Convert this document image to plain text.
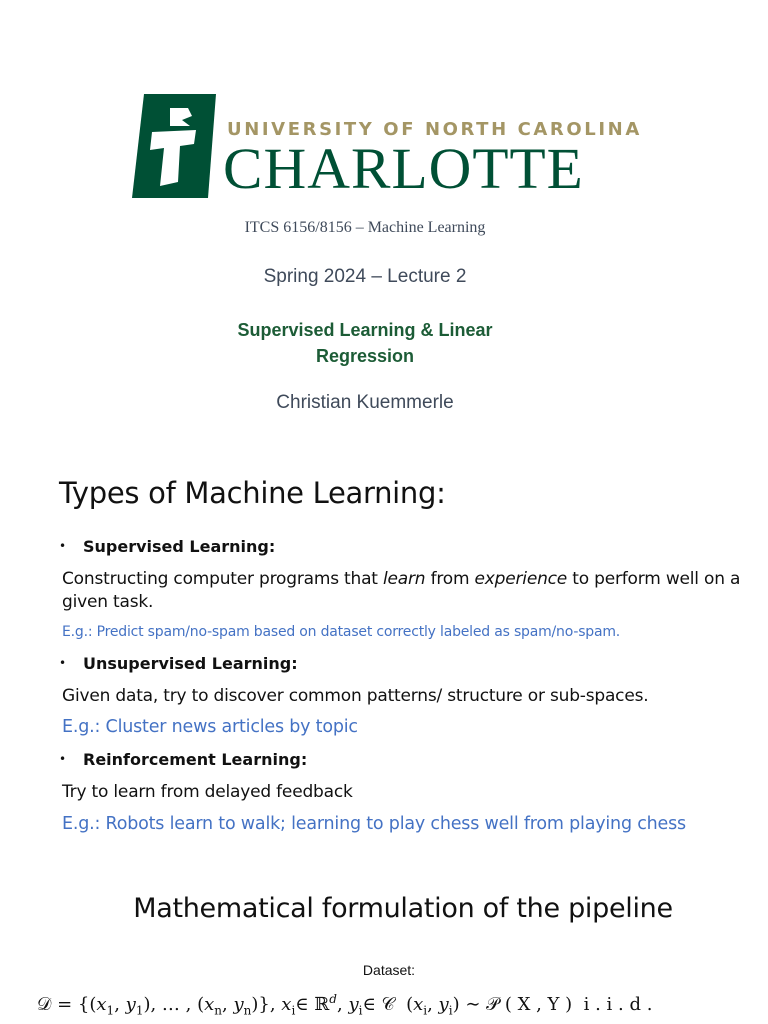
UNIVERSITY OF NORTH CAROLINA
CHARLOTTE
ITCS 6156/8156 – Machine Learning
Spring 2024 – Lecture 2
Supervised Learning & Linear
Regression
Christian Kuemmerle
Types of Machine Learning:
• Supervised Learning:
Constructing computer programs that learn from experience to perform well on a given task.
E.g.: Predict spam/no-spam based on dataset correctly labeled as spam/no-spam.
• Unsupervised Learning:
Given data, try to discover common patterns/ structure or sub-spaces.
E.g.: Cluster news articles by topic
• Reinforcement Learning:
Try to learn from delayed feedback
E.g.: Robots learn to walk; learning to play chess well from playing chess
Mathematical formulation of the pipeline
Dataset:
𝒟 = {($x_1$, $y_1$), … , ($x_n$, $y_n$)}, $x_i\in$ ℝ$^d$, $y_i\in$ 𝒞  ($x_i$, $y_i$) ∼ 𝒫 ( X , Y )  i . i . d .
